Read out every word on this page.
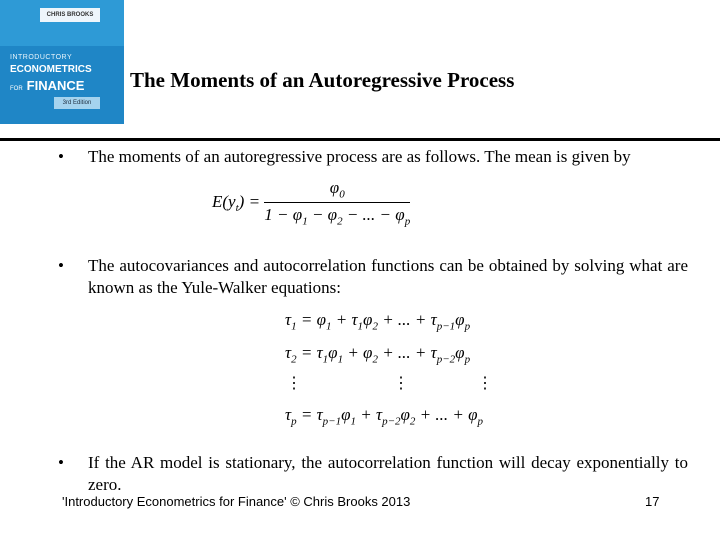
CHRIS BROOKS
INTRODUCTORY
ECONOMETRICS
FOR FINANCE
3rd Edition
The Moments of an Autoregressive Process
• The moments of an autoregressive process are as follows. The mean is given by
$E(y_t) = \frac{\varphi_0}{1 - \varphi_1 - \varphi_2 - ... - \varphi_p}$
• The autocovariances and autocorrelation functions can be obtained by solving what are known as the Yule-Walker equations:
$\tau_1 = \varphi_1 + \tau_1\varphi_2$ + ... + $\tau_{p-1}\varphi_p$
$\tau_2 = \tau_1\varphi_1 + \varphi_2$ + ... + $\tau_{p-2}\varphi_p$
⋮	⋮	⋮
$\tau_p = \tau_{p-1}\varphi_1 + \tau_{p-2}\varphi_2$ + ... + $\varphi_p$
• If the AR model is stationary, the autocorrelation function will decay exponentially to zero.
'Introductory Econometrics for Finance' © Chris Brooks 2013	17
